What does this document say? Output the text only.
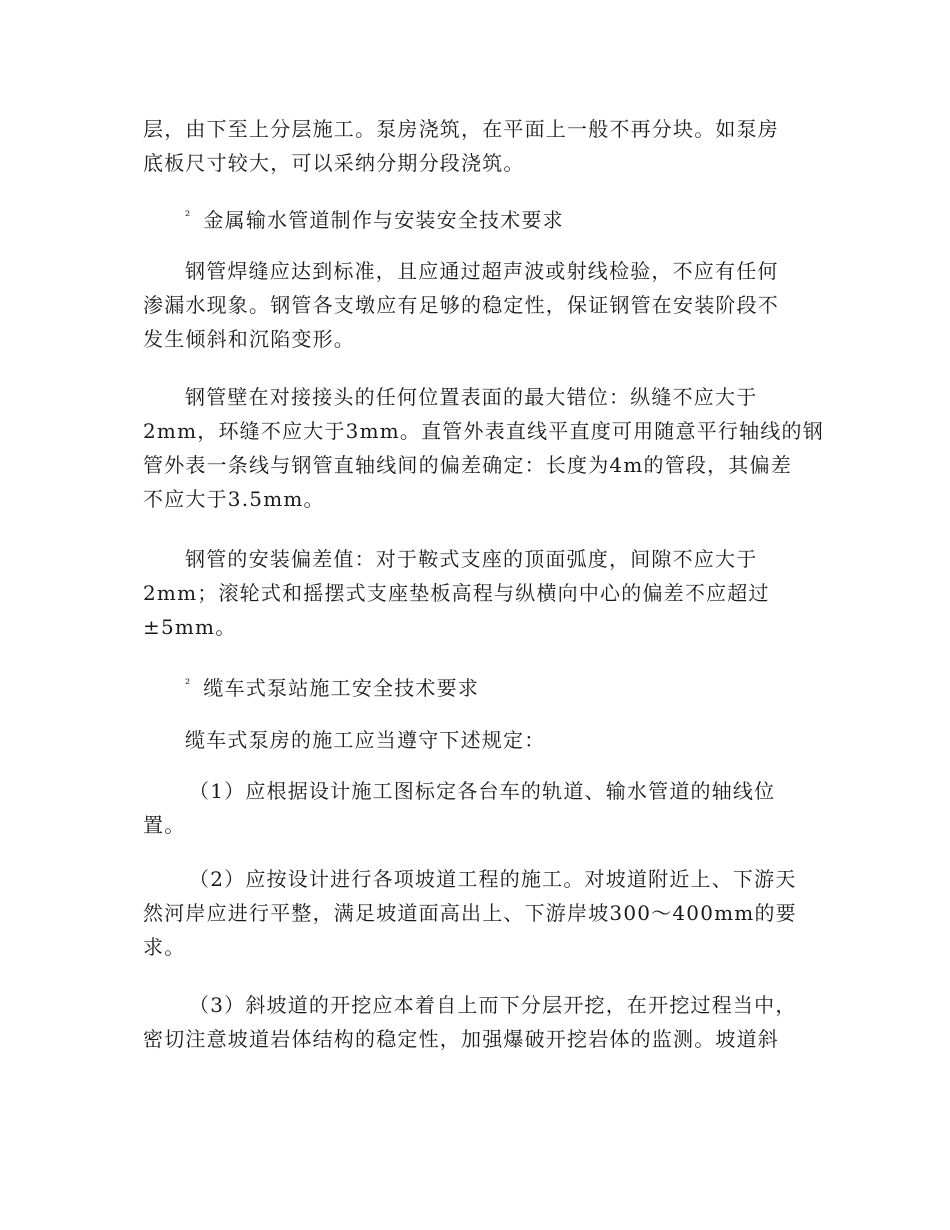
层，由下至上分层施工。泵房浇筑，在平面上一般不再分块。如泵房
底板尺寸较大，可以采纳分期分段浇筑。

$^{^2}$ 金属输水管道制作与安装安全技术要求

钢管焊缝应达到标准，且应通过超声波或射线检验，不应有任何
渗漏水现象。钢管各支墩应有足够的稳定性，保证钢管在安装阶段不
发生倾斜和沉陷变形。

钢管壁在对接接头的任何位置表面的最大错位：纵缝不应大于
2mm，环缝不应大于3mm。直管外表直线平直度可用随意平行轴线的钢
管外表一条线与钢管直轴线间的偏差确定：长度为4m的管段，其偏差
不应大于3.5mm。

钢管的安装偏差值：对于鞍式支座的顶面弧度，间隙不应大于
2mm；滚轮式和摇摆式支座垫板高程与纵横向中心的偏差不应超过
±5mm。

$^{^2}$ 缆车式泵站施工安全技术要求

缆车式泵房的施工应当遵守下述规定：

（1）应根据设计施工图标定各台车的轨道、输水管道的轴线位
置。

（2）应按设计进行各项坡道工程的施工。对坡道附近上、下游天
然河岸应进行平整，满足坡道面高出上、下游岸坡300～400mm的要
求。

（3）斜坡道的开挖应本着自上而下分层开挖，在开挖过程当中，
密切注意坡道岩体结构的稳定性，加强爆破开挖岩体的监测。坡道斜
